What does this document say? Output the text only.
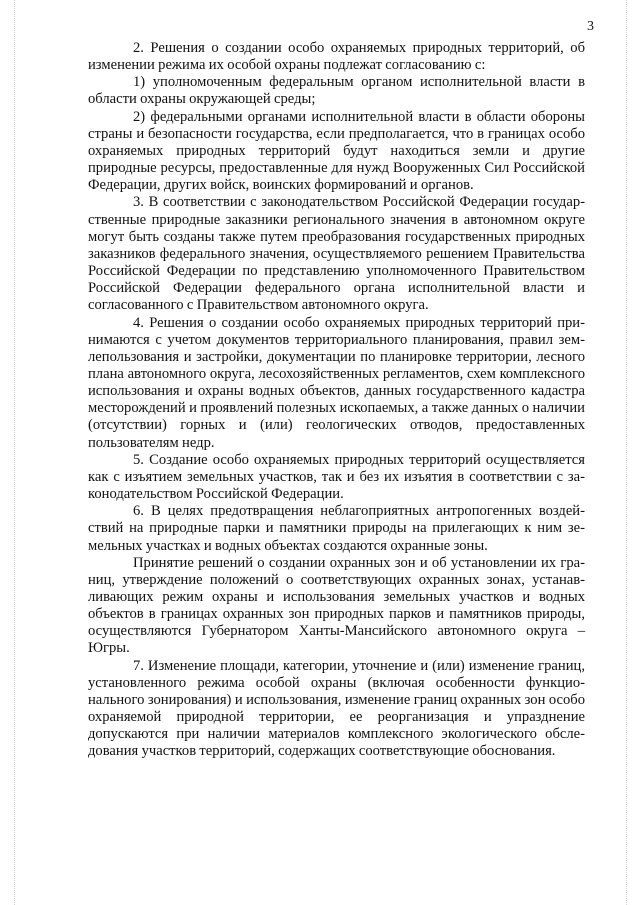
3

2. Решения о создании особо охраняемых природных территорий, об изменении режима их особой охраны подлежат согласованию с:

1) уполномоченным федеральным органом исполнительной власти в области охраны окружающей среды;

2) федеральными органами исполнительной власти в области обороны страны и безопасности государства, если предполагается, что в границах особо охраняемых природных территорий будут находиться земли и другие природные ресурсы, предоставленные для нужд Вооруженных Сил Российской Федерации, других войск, воинских формирований и органов.

3. В соответствии с законодательством Российской Федерации государственные природные заказники регионального значения в автономном округе могут быть созданы также путем преобразования государственных природных заказников федерального значения, осуществляемого решением Правительства Российской Федерации по представлению уполномоченного Правительством Российской Федерации федерального органа исполнительной власти и согласованного с Правительством автономного округа.

4. Решения о создании особо охраняемых природных территорий принимаются с учетом документов территориального планирования, правил землепользования и застройки, документации по планировке территории, лесного плана автономного округа, лесохозяйственных регламентов, схем комплексного использования и охраны водных объектов, данных государственного кадастра месторождений и проявлений полезных ископаемых, а также данных о наличии (отсутствии) горных и (или) геологических отводов, предоставленных пользователям недр.

5. Создание особо охраняемых природных территорий осуществляется как с изъятием земельных участков, так и без их изъятия в соответствии с законодательством Российской Федерации.

6. В целях предотвращения неблагоприятных антропогенных воздействий на природные парки и памятники природы на прилегающих к ним земельных участках и водных объектах создаются охранные зоны.

Принятие решений о создании охранных зон и об установлении их границ, утверждение положений о соответствующих охранных зонах, устанавливающих режим охраны и использования земельных участков и водных объектов в границах охранных зон природных парков и памятников природы, осуществляются Губернатором Ханты-Мансийского автономного округа – Югры.

7. Изменение площади, категории, уточнение и (или) изменение границ, установленного режима особой охраны (включая особенности функционального зонирования) и использования, изменение границ охранных зон особо охраняемой природной территории, ее реорганизация и упразднение допускаются при наличии материалов комплексного экологического обследования участков территорий, содержащих соответствующие обоснования.
